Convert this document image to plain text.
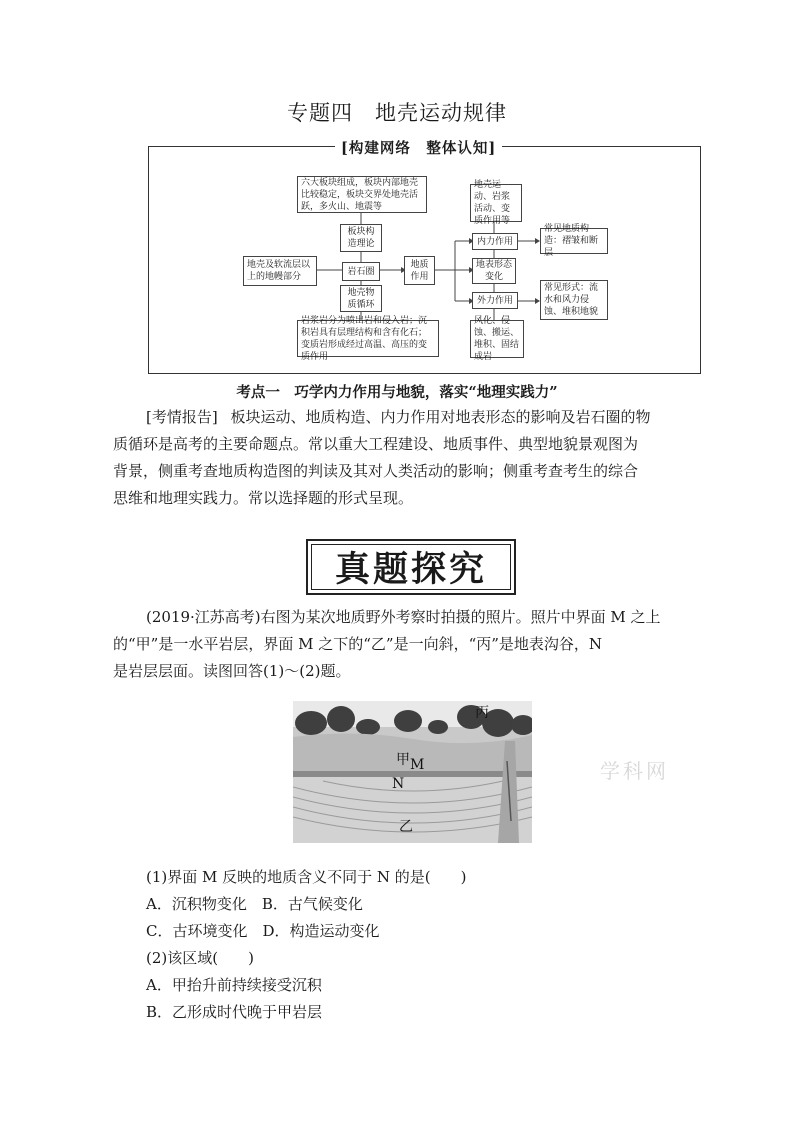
专题四　地壳运动规律
[构建网络　整体认知]
六大板块组成，板块内部地壳比较稳定，板块交界处地壳活跃，多火山、地震等
板块构造理论
地壳及软流层以上的地幔部分
岩石圈
地壳物质循环
岩浆岩分为喷出岩和侵入岩；沉积岩具有层理结构和含有化石；变质岩形成经过高温、高压的变质作用
地质作用
地壳运动、岩浆活动、变质作用等
内力作用
地表形态变化
外力作用
风化、侵蚀、搬运、堆积、固结成岩
常见地质构造：褶皱和断层
常见形式：流水和风力侵蚀、堆积地貌
考点一　巧学内力作用与地貌，落实“地理实践力”
[考情报告] 板块运动、地质构造、内力作用对地表形态的影响及岩石圈的物
质循环是高考的主要命题点。常以重大工程建设、地质事件、典型地貌景观图为
背景，侧重考查地质构造图的判读及其对人类活动的影响；侧重考查考生的综合
思维和地理实践力。常以选择题的形式呈现。
真题探究
(2019·江苏高考)右图为某次地质野外考察时拍摄的照片。照片中界面 M 之上
的“甲”是一水平岩层，界面 M 之下的“乙”是一向斜，“丙”是地表沟谷，N
是岩层层面。读图回答(1)～(2)题。
丙
甲 M
N
乙
学科网
(1)界面 M 反映的地质含义不同于 N 的是(　　)
A．沉积物变化　B．古气候变化
C．古环境变化　D．构造运动变化
(2)该区域(　　)
A．甲抬升前持续接受沉积
B．乙形成时代晚于甲岩层
